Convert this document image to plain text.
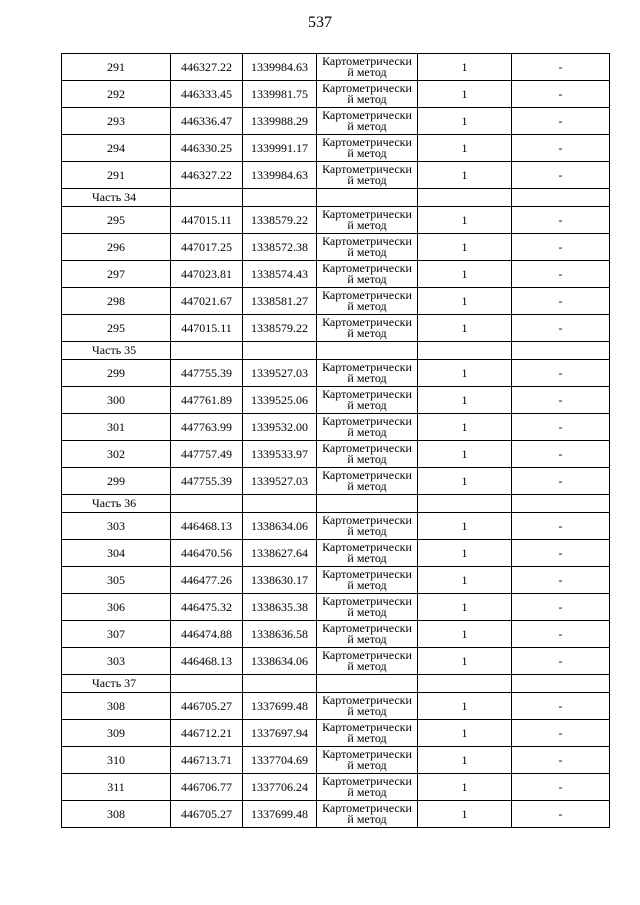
537
291	446327.22	1339984.63	Картометрически
й метод	1	-
292	446333.45	1339981.75	Картометрически
й метод	1	-
293	446336.47	1339988.29	Картометрически
й метод	1	-
294	446330.25	1339991.17	Картометрически
й метод	1	-
291	446327.22	1339984.63	Картометрически
й метод	1	-
Часть 34					
295	447015.11	1338579.22	Картометрически
й метод	1	-
296	447017.25	1338572.38	Картометрически
й метод	1	-
297	447023.81	1338574.43	Картометрически
й метод	1	-
298	447021.67	1338581.27	Картометрически
й метод	1	-
295	447015.11	1338579.22	Картометрически
й метод	1	-
Часть 35					
299	447755.39	1339527.03	Картометрически
й метод	1	-
300	447761.89	1339525.06	Картометрически
й метод	1	-
301	447763.99	1339532.00	Картометрически
й метод	1	-
302	447757.49	1339533.97	Картометрически
й метод	1	-
299	447755.39	1339527.03	Картометрически
й метод	1	-
Часть 36					
303	446468.13	1338634.06	Картометрически
й метод	1	-
304	446470.56	1338627.64	Картометрически
й метод	1	-
305	446477.26	1338630.17	Картометрически
й метод	1	-
306	446475.32	1338635.38	Картометрически
й метод	1	-
307	446474.88	1338636.58	Картометрически
й метод	1	-
303	446468.13	1338634.06	Картометрически
й метод	1	-
Часть 37					
308	446705.27	1337699.48	Картометрически
й метод	1	-
309	446712.21	1337697.94	Картометрически
й метод	1	-
310	446713.71	1337704.69	Картометрически
й метод	1	-
311	446706.77	1337706.24	Картометрически
й метод	1	-
308	446705.27	1337699.48	Картометрически
й метод	1	-
